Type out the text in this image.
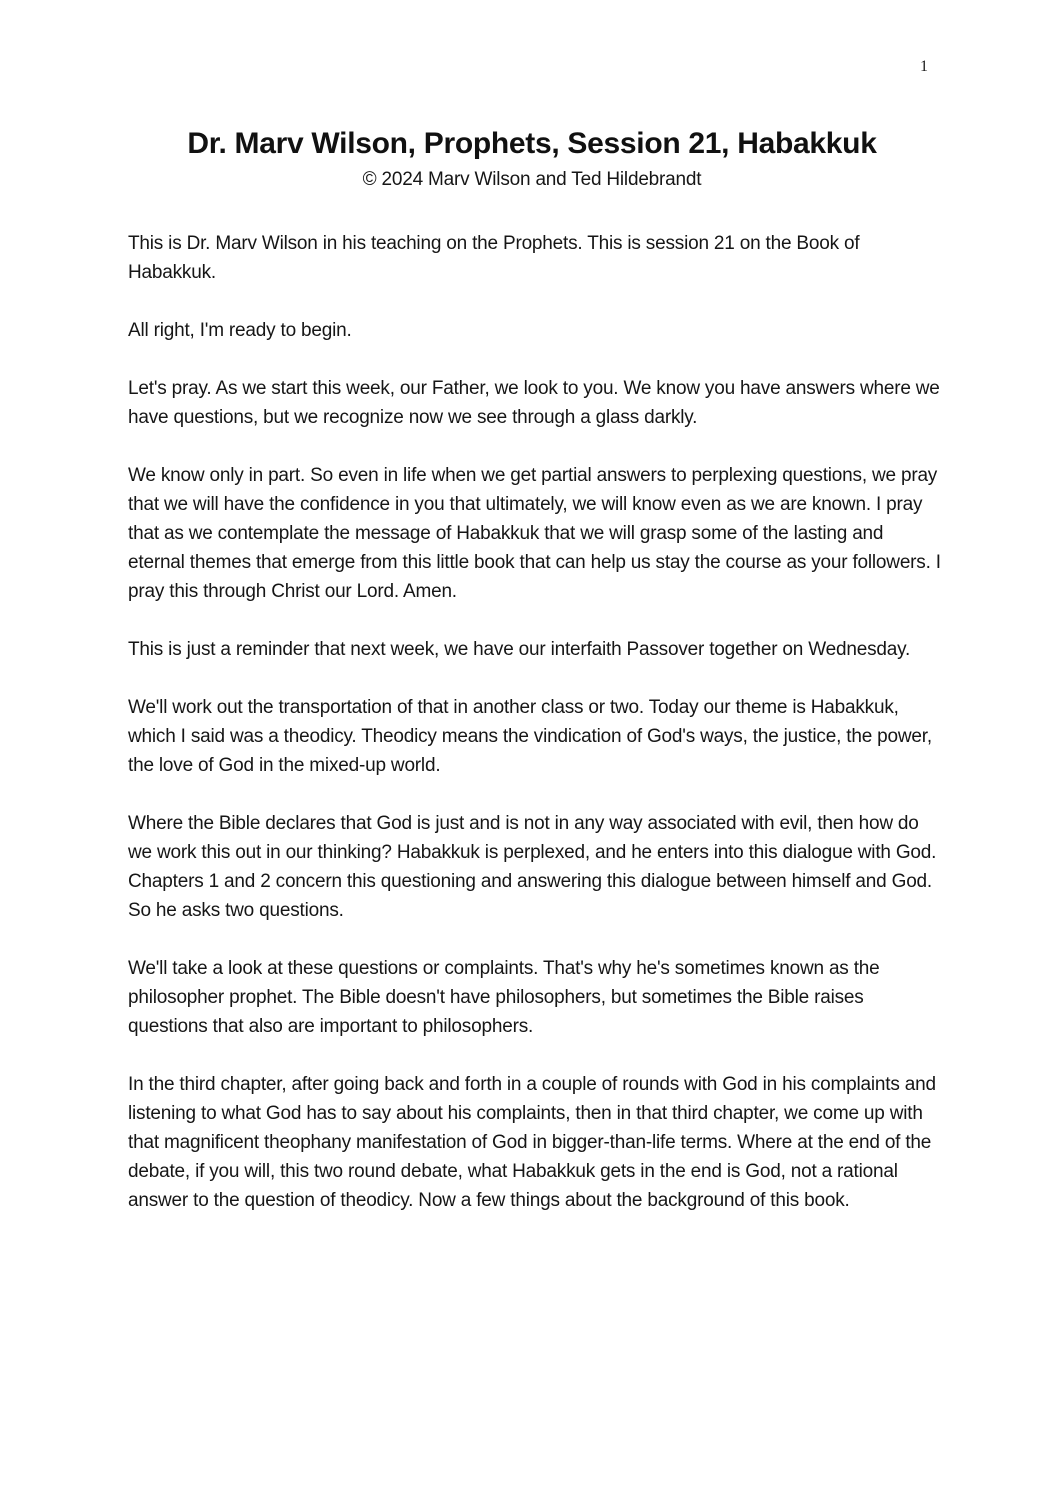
1
Dr. Marv Wilson, Prophets, Session 21, Habakkuk
© 2024 Marv Wilson and Ted Hildebrandt

This is Dr. Marv Wilson in his teaching on the Prophets. This is session 21 on the Book of Habakkuk.

All right, I'm ready to begin.

Let's pray. As we start this week, our Father, we look to you. We know you have answers where we have questions, but we recognize now we see through a glass darkly.

We know only in part. So even in life when we get partial answers to perplexing questions, we pray that we will have the confidence in you that ultimately, we will know even as we are known. I pray that as we contemplate the message of Habakkuk that we will grasp some of the lasting and eternal themes that emerge from this little book that can help us stay the course as your followers. I pray this through Christ our Lord. Amen.

This is just a reminder that next week, we have our interfaith Passover together on Wednesday.

We'll work out the transportation of that in another class or two. Today our theme is Habakkuk, which I said was a theodicy. Theodicy means the vindication of God's ways, the justice, the power, the love of God in the mixed-up world.

Where the Bible declares that God is just and is not in any way associated with evil, then how do we work this out in our thinking? Habakkuk is perplexed, and he enters into this dialogue with God. Chapters 1 and 2 concern this questioning and answering this dialogue between himself and God. So he asks two questions.

We'll take a look at these questions or complaints. That's why he's sometimes known as the philosopher prophet. The Bible doesn't have philosophers, but sometimes the Bible raises questions that also are important to philosophers.

In the third chapter, after going back and forth in a couple of rounds with God in his complaints and listening to what God has to say about his complaints, then in that third chapter, we come up with that magnificent theophany manifestation of God in bigger-than-life terms. Where at the end of the debate, if you will, this two round debate, what Habakkuk gets in the end is God, not a rational answer to the question of theodicy. Now a few things about the background of this book.
